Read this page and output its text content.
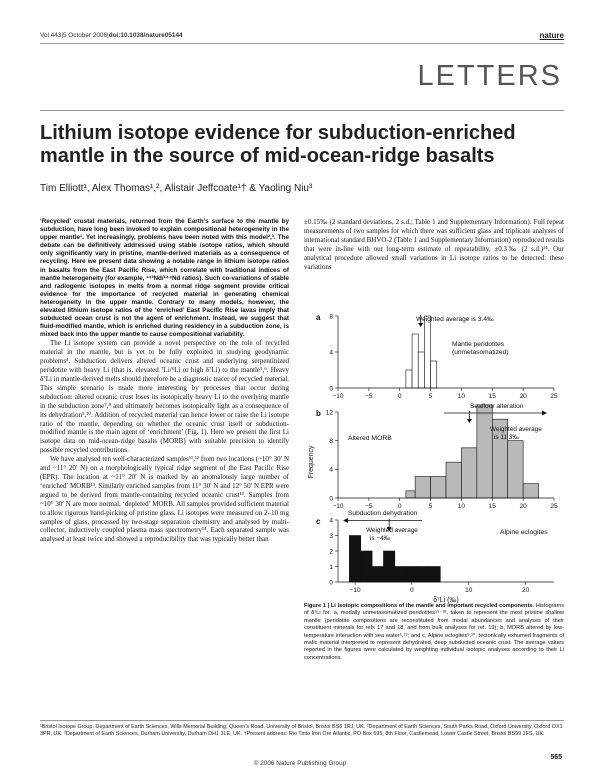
Vol 443|5 October 2006|doi:10.1038/nature05144	nature
LETTERS
Lithium isotope evidence for subduction-enriched mantle in the source of mid-ocean-ridge basalts
Tim Elliott¹, Alex Thomas¹,², Alistair Jeffcoate¹† & Yaoling Niu³

‘Recycled’ crustal materials, returned from the Earth’s surface to the mantle by subduction, have long been invoked to explain compositional heterogeneity in the upper mantle¹. Yet increasingly, problems have been noted with this model²,³. The debate can be definitively addressed using stable isotope ratios, which should only significantly vary in pristine, mantle-derived materials as a consequence of recycling. Here we present data showing a notable range in lithium isotope ratios in basalts from the East Pacific Rise, which correlate with traditional indices of mantle heterogeneity (for example, ¹⁴³Nd/¹⁴⁴Nd ratios). Such co-variations of stable and radiogenic isotopes in melts from a normal ridge segment provide critical evidence for the importance of recycled material in generating chemical heterogeneity in the upper mantle. Contrary to many models, however, the elevated lithium isotope ratios of the ‘enriched’ East Pacific Rise lavas imply that subducted ocean crust is not the agent of enrichment. Instead, we suggest that fluid-modified mantle, which is enriched during residency in a subduction zone, is mixed back into the upper mantle to cause compositional variability.

The Li isotope system can provide a novel perspective on the role of recycled material in the mantle, but is yet to be fully exploited in studying geodynamic problems⁴. Subduction delivers altered oceanic crust and underlying serpentinized peridotite with heavy Li (that is, elevated ⁷Li/⁶Li or high δ⁷Li) to the mantle⁵,⁶. Heavy δ⁷Li in mantle-derived melts should therefore be a diagnostic tracer of recycled material. This simple scenario is made more interesting by processes that occur during subduction: altered oceanic crust loses its isotopically heavy Li to the overlying mantle in the subduction zone⁷,⁸ and ultimately becomes isotopically light as a consequence of its dehydration⁹,¹⁰. Addition of recycled material can hence lower or raise the Li isotope ratio of the mantle, depending on whether the oceanic crust itself or subduction-modified mantle is the main agent of ‘enrichment’ (Fig. 1). Here we present the first Li isotope data on mid-ocean-ridge basalts (MORB) with suitable precision to identify possible recycled contributions.

We have analysed ten well-characterized samples¹¹,¹² from two locations (~10° 30′ N and ~11° 20′ N) on a morphologically typical ridge segment of the East Pacific Rise (EPR). The location at ~11° 20′ N is marked by an anomalously large number of ‘enriched’ MORB¹³. Similarly enriched samples from 11° 30′ N and 12° 50′ N EPR were argued to be derived from mantle-containing recycled oceanic crust¹³. Samples from ~10° 30′ N are more normal, ‘depleted’ MORB. All samples provided sufficient material to allow rigorous hand-picking of pristine glass. Li isotopes were measured on 2–10 mg samples of glass, processed by two-stage separation chemistry and analysed by multi-collector, inductively coupled plasma mass spectrometry¹⁴. Each separated sample was analysed at least twice and showed a reproducibility that was typically better than

±0.15‰ (2 standard deviations, 2 s.d.; Table 1 and Supplementary Information). Full repeat measurements of two samples for which there was sufficient glass and triplicate analyses of international standard BHVO-2 (Table 1 and Supplementary Information) reproduced results that were in-line with our long-term estimate of repeatability, ±0.3‰ (2 s.d.)¹⁴. Our analytical procedure allowed small variations in Li isotope ratios to be detected: these variations

0
4
8
−10	−5	0	5	10	15	20	25
a
0
4
8
12
−10	−5	0	5	10	15	20	25
b
0
1
2
3
4
−10	0	10	20
c
Weighted average is 3.4‰
Mantle peridotites
(unmetasomatized)
Altered MORB
Seafloor alteration
Weighted average
is 11.3‰
Frequency
Subduction dehydration
Weighted average
is −4‰
Alpine eclogites
δ⁷Li (‰)
Figure 1 | Li isotopic compositions of the mantle and important recycled components. Histograms of δ⁷Li for: a, modally unmetasomatized peridotites¹⁵⁻¹⁸, taken to represent the most pristine shallow mantle (peridotite compositions are reconstituted from modal abundances and analyses of their constituent minerals for refs 17 and 18, and from bulk analyses for ref. 19); b, MORB altered by low-temperature interaction with sea water⁵,¹⁹; and c, Alpine eclogites⁹,¹⁰, tectonically exhumed fragments of mafic material interpreted to represent dehydrated, deep subducted oceanic crust. The average values reported in the figures were calculated by weighting individual isotopic analyses according to their Li concentrations.
¹Bristol Isotope Group, Department of Earth Sciences, Wills Memorial Building, Queen’s Road, University of Bristol, Bristol BS8 1RJ, UK. ²Department of Earth Sciences, South Parks Road, Oxford University, Oxford OX1 3PR, UK. ³Department of Earth Sciences, Durham University, Durham DH1 3LE, UK. †Present address: Rio Tinto Iron Ore Atlantic, PO Box 695, 8th Floor, Castlemead, Lower Castle Street, Bristol BS99 1FS, UK.
565
© 2006 Nature Publishing Group
